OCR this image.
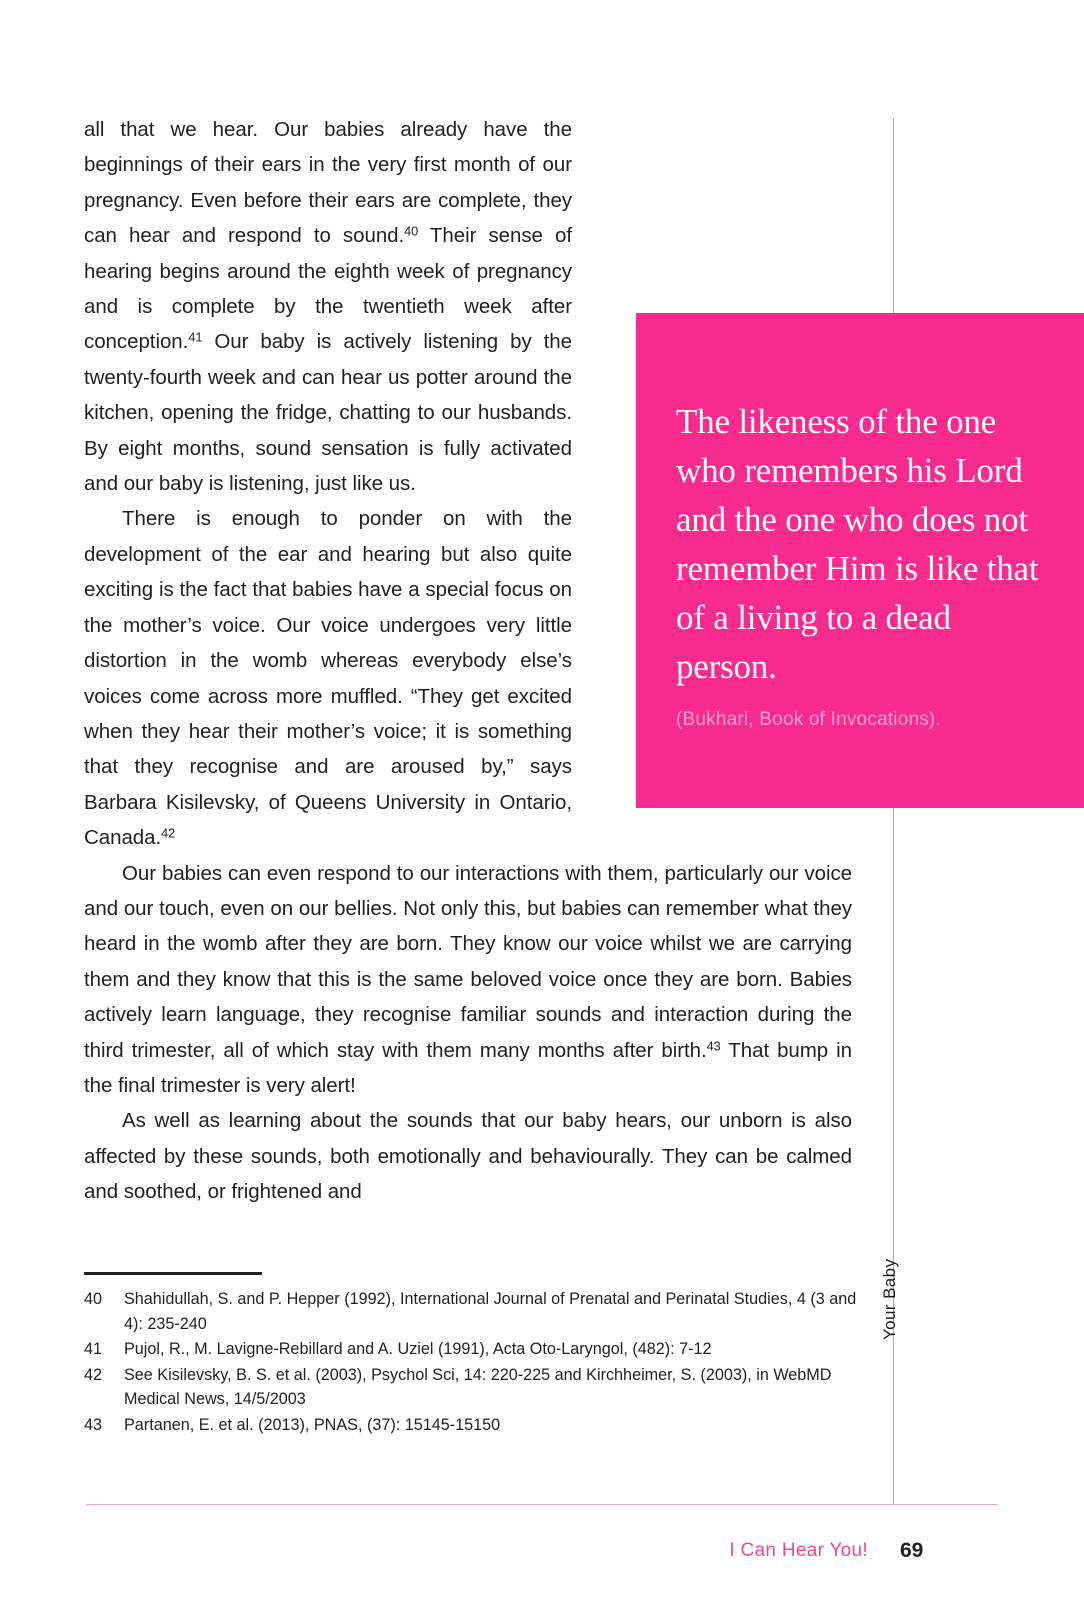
The likeness of the one who remembers his Lord and the one who does not remember Him is like that of a living to a dead person.
(Bukhari, Book of Invocations).

all that we hear. Our babies already have the beginnings of their ears in the very first month of our pregnancy. Even before their ears are complete, they can hear and respond to sound.$^{40}$ Their sense of hearing begins around the eighth week of pregnancy and is complete by the twentieth week after conception.$^{41}$ Our baby is actively listening by the twenty-fourth week and can hear us potter around the kitchen, opening the fridge, chatting to our husbands. By eight months, sound sensation is fully activated and our baby is listening, just like us.

There is enough to ponder on with the development of the ear and hearing but also quite exciting is the fact that babies have a special focus on the mother’s voice. Our voice undergoes very little distortion in the womb whereas everybody else’s voices come across more muffled. “They get excited when they hear their mother’s voice; it is something that they recognise and are aroused by,” says Barbara Kisilevsky, of Queens University in Ontario, Canada.$^{42}$

Our babies can even respond to our interactions with them, particularly our voice and our touch, even on our bellies. Not only this, but babies can remember what they heard in the womb after they are born. They know our voice whilst we are carrying them and they know that this is the same beloved voice once they are born. Babies actively learn language, they recognise familiar sounds and interaction during the third trimester, all of which stay with them many months after birth.$^{43}$ That bump in the final trimester is very alert!

As well as learning about the sounds that our baby hears, our unborn is also affected by these sounds, both emotionally and behaviourally. They can be calmed and soothed, or frightened and

40	Shahidullah, S. and P. Hepper (1992), International Journal of Prenatal and Perinatal Studies, 4 (3 and 4): 235-240
41	Pujol, R., M. Lavigne-Rebillard and A. Uziel (1991), Acta Oto-Laryngol, (482): 7-12
42	See Kisilevsky, B. S. et al. (2003), Psychol Sci, 14: 220-225 and Kirchheimer, S. (2003), in WebMD Medical News, 14/5/2003
43	Partanen, E. et al. (2013), PNAS, (37): 15145-15150
Your Baby
I Can Hear You! 69
